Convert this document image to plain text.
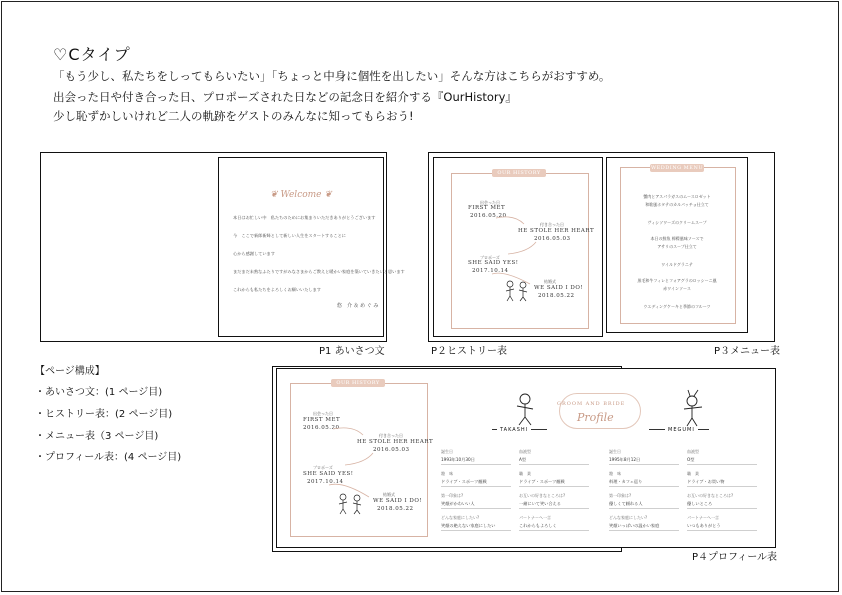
♡Cタイプ
「もう少し、私たちをしってもらいたい」「ちょっと中身に個性を出したい」そんな方はこちらがおすすめ。
出会った日や付き合った日、プロポーズされた日などの記念日を紹介する『OurHistory』
少し恥ずかしいけれど二人の軌跡をゲストのみんなに知ってもらおう!
❦ Welcome ❦
本日はお忙しい中　私たちのためにお集まりいただきありがとうございます
今　ここで新郎新婦として新しい人生をスタートすることに
心から感謝しています
まだまだ未熟なふたりですがみなさまからご教えと暖かい家庭を築いていきたいと思います
これからも私たちをよろしくお願いいたします
悠　介 ＆ め ぐ み
P1 あいさつ文
OUR HISTORY
出会った日
FIRST MET
2016.05.20
付き合った日
HE STOLE HER HEART
2016.05.03
プロポーズ
SHE SAID YES!
2017.10.14
結婚式
WE SAID I DO!
2018.05.22
WEDDING MENU
蟹肉とアスパラガスのムースロゼット
和歌風ホタテのカルパッチョ仕立て
ヴィシソワーズのクリームスープ
本日の鮮魚 檸檬風味ソースで
アサリのスープ仕立て
ワイルドグラニテ
黒毛和牛フィレとフォアグラのロッシーニ風
赤ワインソース
ウエディングケーキと季節のフルーツ
P２ヒストリー表	P３メニュー表
【ページ構成】
・あいさつ文：(1 ページ目)
・ヒストリー表：(2 ページ目)
・メニュー表（3 ページ目)
・プロフィール表：(4 ページ目)
OUR HISTORY
出会った日
FIRST MET
2016.05.20
付き合った日
HE STOLE HER HEART
2016.05.03
プロポーズ
SHE SAID YES!
2017.10.14
結婚式
WE SAID I DO!
2018.05.22
GROOM AND BRIDE
Profile
TAKASHI	MEGUMI
誕生日
1993年10月30日
血液型
A型
趣　味
ドライブ・スポーツ観戦
職　業
ドライブ・スポーツ観戦
第一印象は?
笑顔がかわいい人
お互いの好きなところは?
一緒にいて笑い合える
どんな家庭にしたい?
笑顔の絶えない家庭にしたい
パートナーへ一言
これからもよろしく
誕生日
1995年8月12日
血液型
O型
趣　味
料理・カフェ巡り
職　業
ドライブ・お買い物
第一印象は?
優しくて頼れる人
お互いの好きなところは?
優しいところ
どんな家庭にしたい?
笑顔いっぱいの温かい家庭
パートナーへ一言
いつもありがとう
P４プロフィール表
